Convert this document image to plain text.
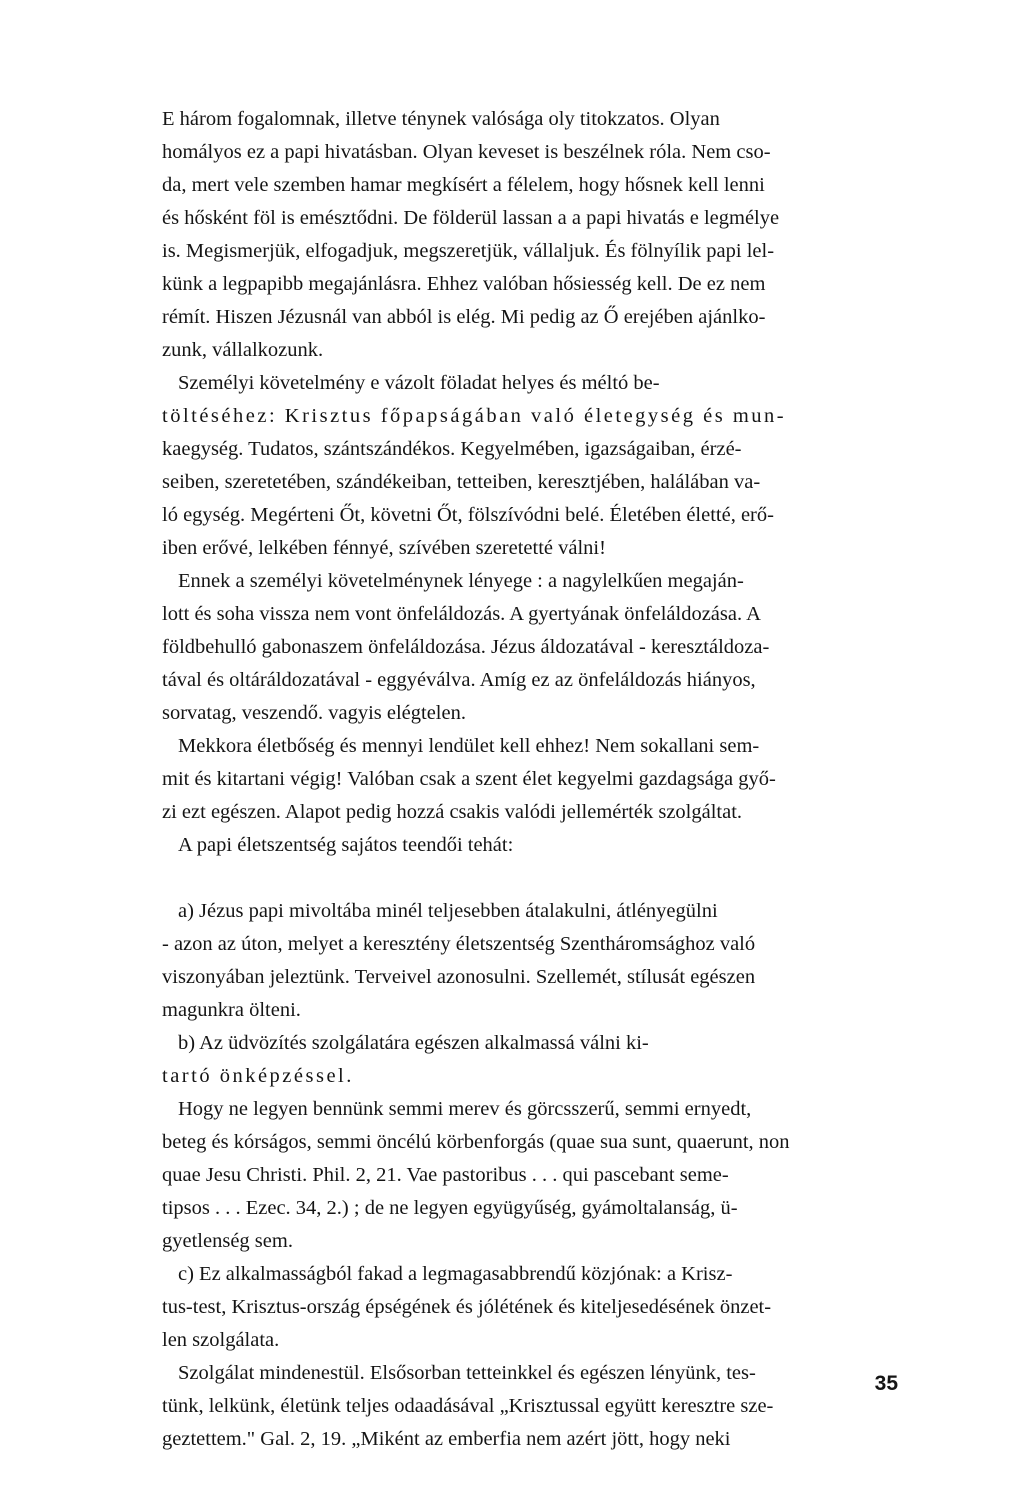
E három fogalomnak, illetve ténynek valósága oly titokzatos. Olyan
homályos ez a papi hivatásban. Olyan keveset is beszélnek róla. Nem cso-
da, mert vele szemben hamar megkísért a félelem, hogy hősnek kell lenni
és hősként föl is emésztődni. De földerül lassan a a papi hivatás e legmélye
is. Megismerjük, elfogadjuk, megszeretjük, vállaljuk. És fölnyílik papi lel-
künk a legpapibb megajánlásra. Ehhez valóban hősiesség kell. De ez nem
rémít. Hiszen Jézusnál van abból is elég. Mi pedig az Ő erejében ajánlko-
zunk, vállalkozunk.
Személyi követelmény e vázolt föladat helyes és méltó be-
töltéséhez: Krisztus főpapságában való életegység és mun-
kaegység. Tudatos, szántszándékos. Kegyelmében, igazságaiban, érzé-
seiben, szeretetében, szándékeiban, tetteiben, keresztjében, halálában va-
ló egység. Megérteni Őt, követni Őt, fölszívódni belé. Életében életté, erő-
iben erővé, lelkében fénnyé, szívében szeretetté válni!
Ennek a személyi követelménynek lényege : a nagylelkűen megaján-
lott és soha vissza nem vont önfeláldozás. A gyertyának önfeláldozása. A
földbehulló gabonaszem önfeláldozása. Jézus áldozatával - keresztáldoza-
tával és oltáráldozatával - eggyéválva. Amíg ez az önfeláldozás hiányos,
sorvatag, veszendő. vagyis elégtelen.
Mekkora életbőség és mennyi lendület kell ehhez! Nem sokallani sem-
mit és kitartani végig! Valóban csak a szent élet kegyelmi gazdagsága győ-
zi ezt egészen. Alapot pedig hozzá csakis valódi jellemérték szolgáltat.
A papi életszentség sajátos teendői tehát:
a) Jézus papi mivoltába minél teljesebben átalakulni, átlényegülni
- azon az úton, melyet a keresztény életszentség Szentháromsághoz való
viszonyában jeleztünk. Terveivel azonosulni. Szellemét, stílusát egészen
magunkra ölteni.
b) Az üdvözítés szolgálatára egészen alkalmassá válni ki-
tartó önképzéssel.
Hogy ne legyen bennünk semmi merev és görcsszerű, semmi ernyedt,
beteg és kórságos, semmi öncélú körbenforgás (quae sua sunt, quaerunt, non
quae Jesu Christi. Phil. 2, 21. Vae pastoribus . . . qui pascebant seme-
tipsos . . . Ezec. 34, 2.) ; de ne legyen együgyűség, gyámoltalanság, ü-
gyetlenség sem.
c) Ez alkalmasságból fakad a legmagasabbrendű közjónak: a Krisz-
tus-test, Krisztus-ország épségének és jólétének és kiteljesedésének önzet-
len szolgálata.
Szolgálat mindenestül. Elsősorban tetteinkkel és egészen lényünk, tes-
tünk, lelkünk, életünk teljes odaadásával „Krisztussal együtt keresztre sze-
geztettem." Gal. 2, 19. „Miként az emberfia nem azért jött, hogy neki
35
